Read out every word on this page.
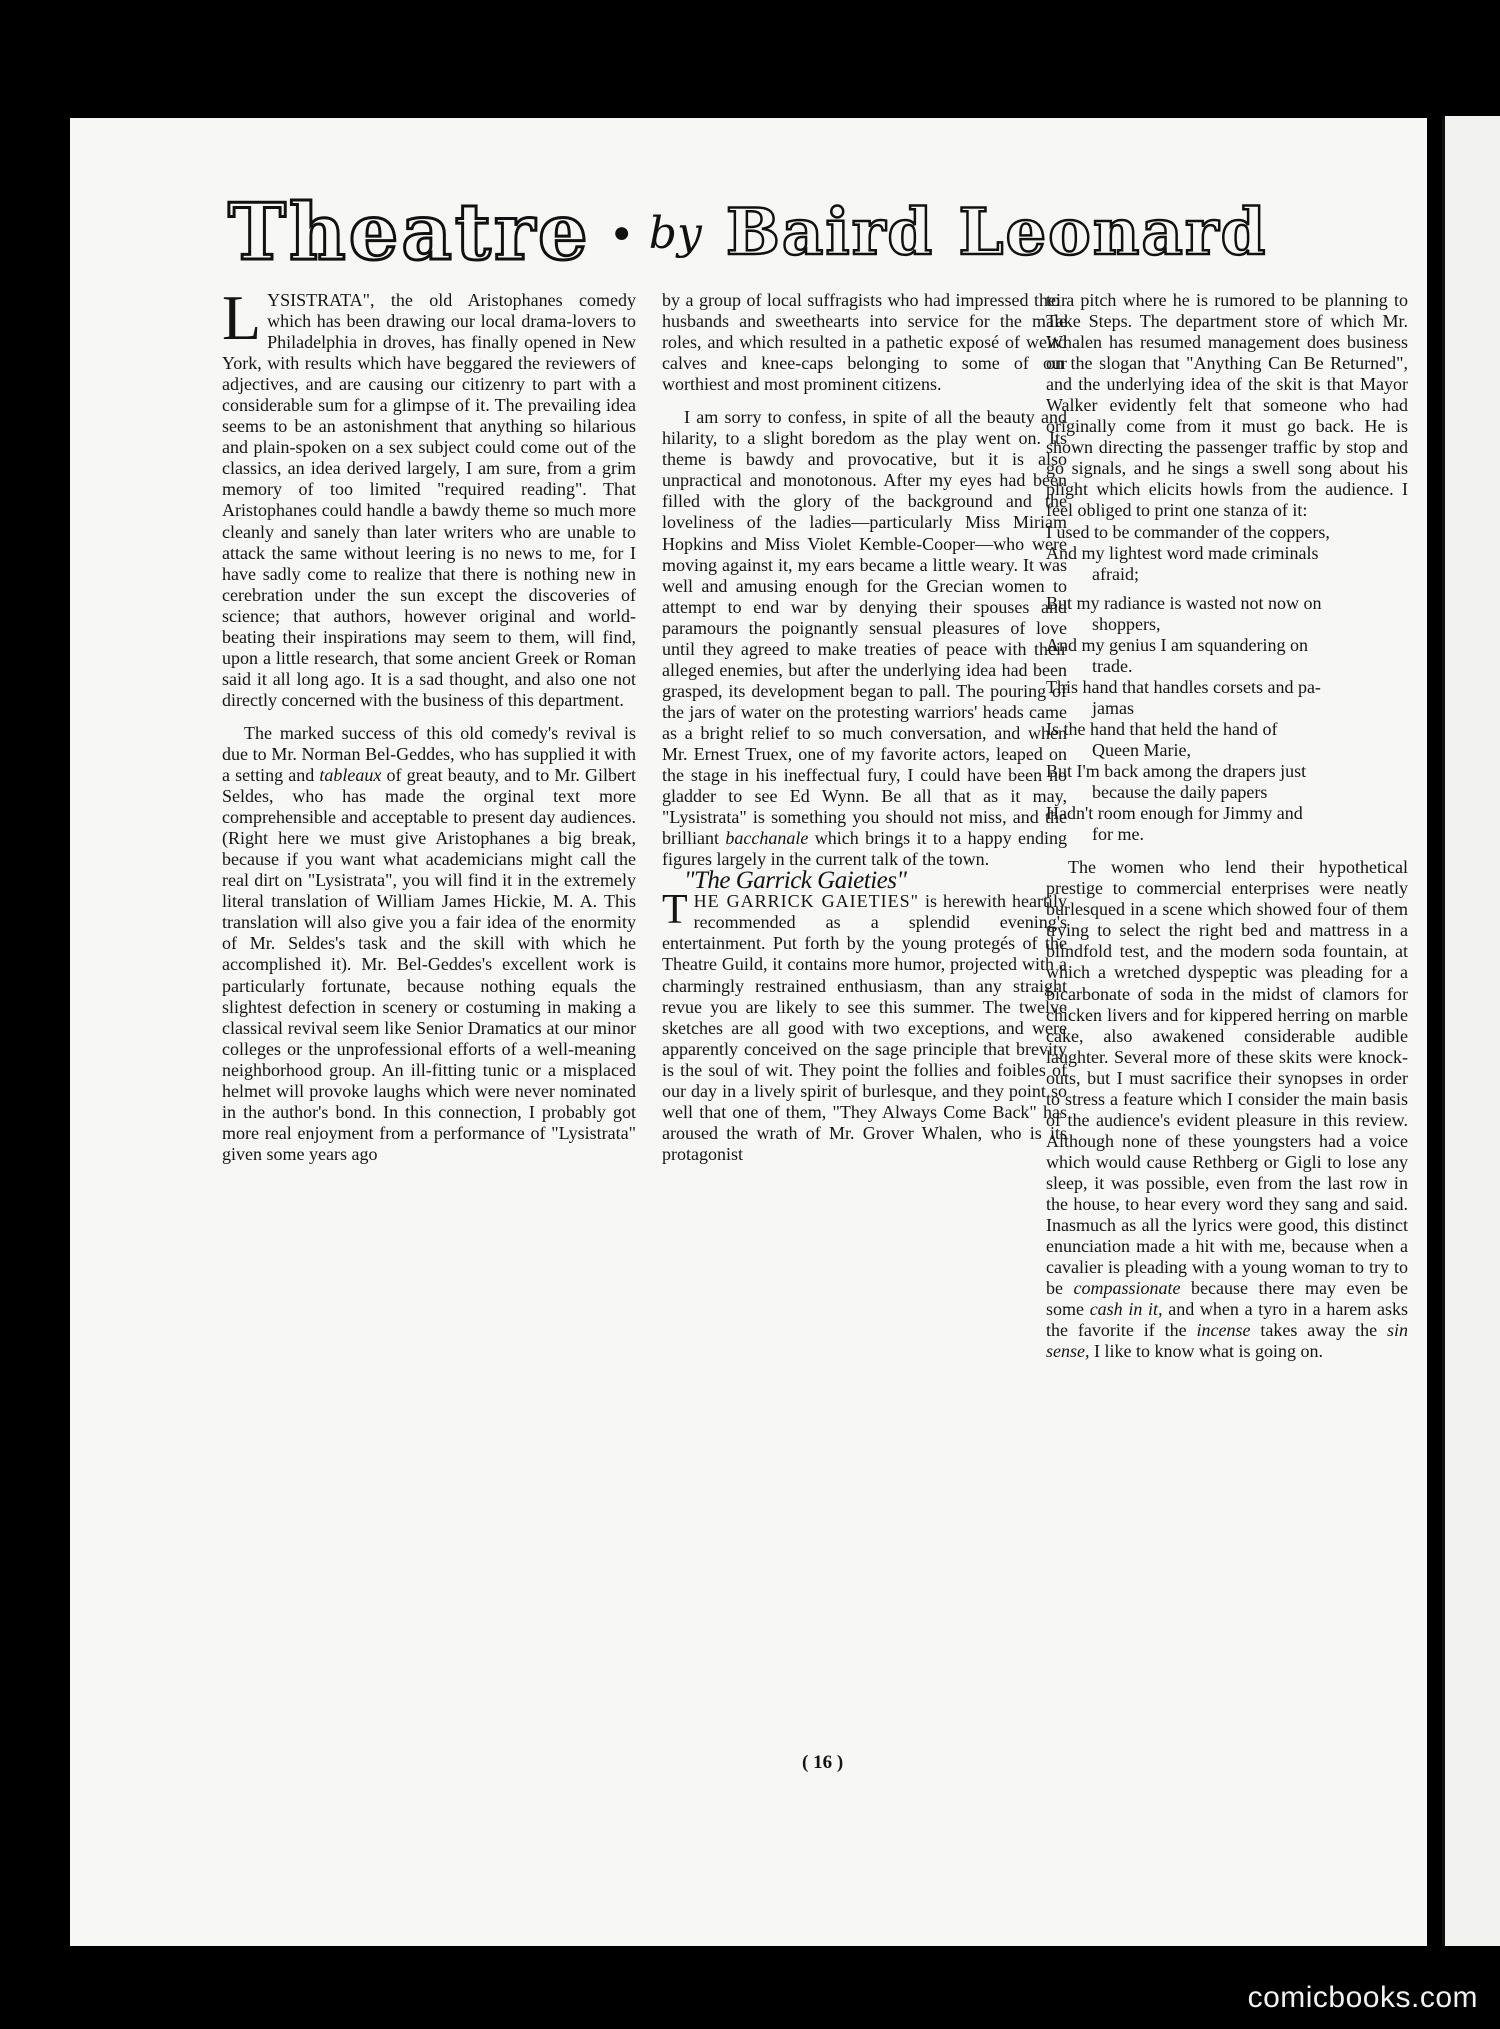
Theatre ● by Baird Leonard

LYSISTRATA", the old Aristophanes comedy which has been drawing our local drama-lovers to Philadelphia in droves, has finally opened in New York, with results which have beggared the reviewers of adjectives, and are causing our citizenry to part with a considerable sum for a glimpse of it. The prevailing idea seems to be an astonishment that anything so hilarious and plain-spoken on a sex subject could come out of the classics, an idea derived largely, I am sure, from a grim memory of too limited "required reading". That Aristophanes could handle a bawdy theme so much more cleanly and sanely than later writers who are unable to attack the same without leering is no news to me, for I have sadly come to realize that there is nothing new in cerebration under the sun except the discoveries of science; that authors, however original and world-beating their inspirations may seem to them, will find, upon a little research, that some ancient Greek or Roman said it all long ago. It is a sad thought, and also one not directly concerned with the business of this department.

The marked success of this old comedy's revival is due to Mr. Norman Bel-Geddes, who has supplied it with a setting and tableaux of great beauty, and to Mr. Gilbert Seldes, who has made the orginal text more comprehensible and acceptable to present day audiences. (Right here we must give Aristophanes a big break, because if you want what academicians might call the real dirt on "Lysistrata", you will find it in the extremely literal translation of William James Hickie, M. A. This translation will also give you a fair idea of the enormity of Mr. Seldes's task and the skill with which he accomplished it). Mr. Bel-Geddes's excellent work is particularly fortunate, because nothing equals the slightest defection in scenery or costuming in making a classical revival seem like Senior Dramatics at our minor colleges or the unprofessional efforts of a well-meaning neighborhood group. An ill-fitting tunic or a misplaced helmet will provoke laughs which were never nominated in the author's bond. In this connection, I probably got more real enjoyment from a performance of "Lysistrata" given some years ago

by a group of local suffragists who had impressed their husbands and sweethearts into service for the male roles, and which resulted in a pathetic exposé of weird calves and knee-caps belonging to some of our worthiest and most prominent citizens.

I am sorry to confess, in spite of all the beauty and hilarity, to a slight boredom as the play went on. Its theme is bawdy and provocative, but it is also unpractical and monotonous. After my eyes had been filled with the glory of the background and the loveliness of the ladies—particularly Miss Miriam Hopkins and Miss Violet Kemble-Cooper—who were moving against it, my ears became a little weary. It was well and amusing enough for the Grecian women to attempt to end war by denying their spouses and paramours the poignantly sensual pleasures of love until they agreed to make treaties of peace with their alleged enemies, but after the underlying idea had been grasped, its development began to pall. The pouring of the jars of water on the protesting warriors' heads came as a bright relief to so much conversation, and when Mr. Ernest Truex, one of my favorite actors, leaped on the stage in his ineffectual fury, I could have been no gladder to see Ed Wynn. Be all that as it may, "Lysistrata" is something you should not miss, and the brilliant bacchanale which brings it to a happy ending figures largely in the current talk of the town.

"The Garrick Gaieties"

THE GARRICK GAIETIES" is herewith heartily recommended as a splendid evening's entertainment. Put forth by the young protegés of the Theatre Guild, it contains more humor, projected with a charmingly restrained enthusiasm, than any straight revue you are likely to see this summer. The twelve sketches are all good with two exceptions, and were apparently conceived on the sage principle that brevity is the soul of wit. They point the follies and foibles of our day in a lively spirit of burlesque, and they point so well that one of them, "They Always Come Back" has aroused the wrath of Mr. Grover Whalen, who is its protagonist

to a pitch where he is rumored to be planning to Take Steps. The department store of which Mr. Whalen has resumed management does business on the slogan that "Anything Can Be Returned", and the underlying idea of the skit is that Mayor Walker evidently felt that someone who had originally come from it must go back. He is shown directing the passenger traffic by stop and go signals, and he sings a swell song about his plight which elicits howls from the audience. I feel obliged to print one stanza of it:

I used to be commander of the coppers,
And my lightest word made criminals
afraid;
But my radiance is wasted not now on
shoppers,
And my genius I am squandering on
trade.
This hand that handles corsets and pa-
jamas
Is the hand that held the hand of
Queen Marie,
But I'm back among the drapers just
because the daily papers
Hadn't room enough for Jimmy and
for me.

The women who lend their hypothetical prestige to commercial enterprises were neatly burlesqued in a scene which showed four of them trying to select the right bed and mattress in a blindfold test, and the modern soda fountain, at which a wretched dyspeptic was pleading for a bicarbonate of soda in the midst of clamors for chicken livers and for kippered herring on marble cake, also awakened considerable audible laughter. Several more of these skits were knock-outs, but I must sacrifice their synopses in order to stress a feature which I consider the main basis of the audience's evident pleasure in this review. Although none of these youngsters had a voice which would cause Rethberg or Gigli to lose any sleep, it was possible, even from the last row in the house, to hear every word they sang and said. Inasmuch as all the lyrics were good, this distinct enunciation made a hit with me, because when a cavalier is pleading with a young woman to try to be compassionate because there may even be some cash in it, and when a tyro in a harem asks the favorite if the incense takes away the sin sense, I like to know what is going on.

( 16 )
comicbooks.com
